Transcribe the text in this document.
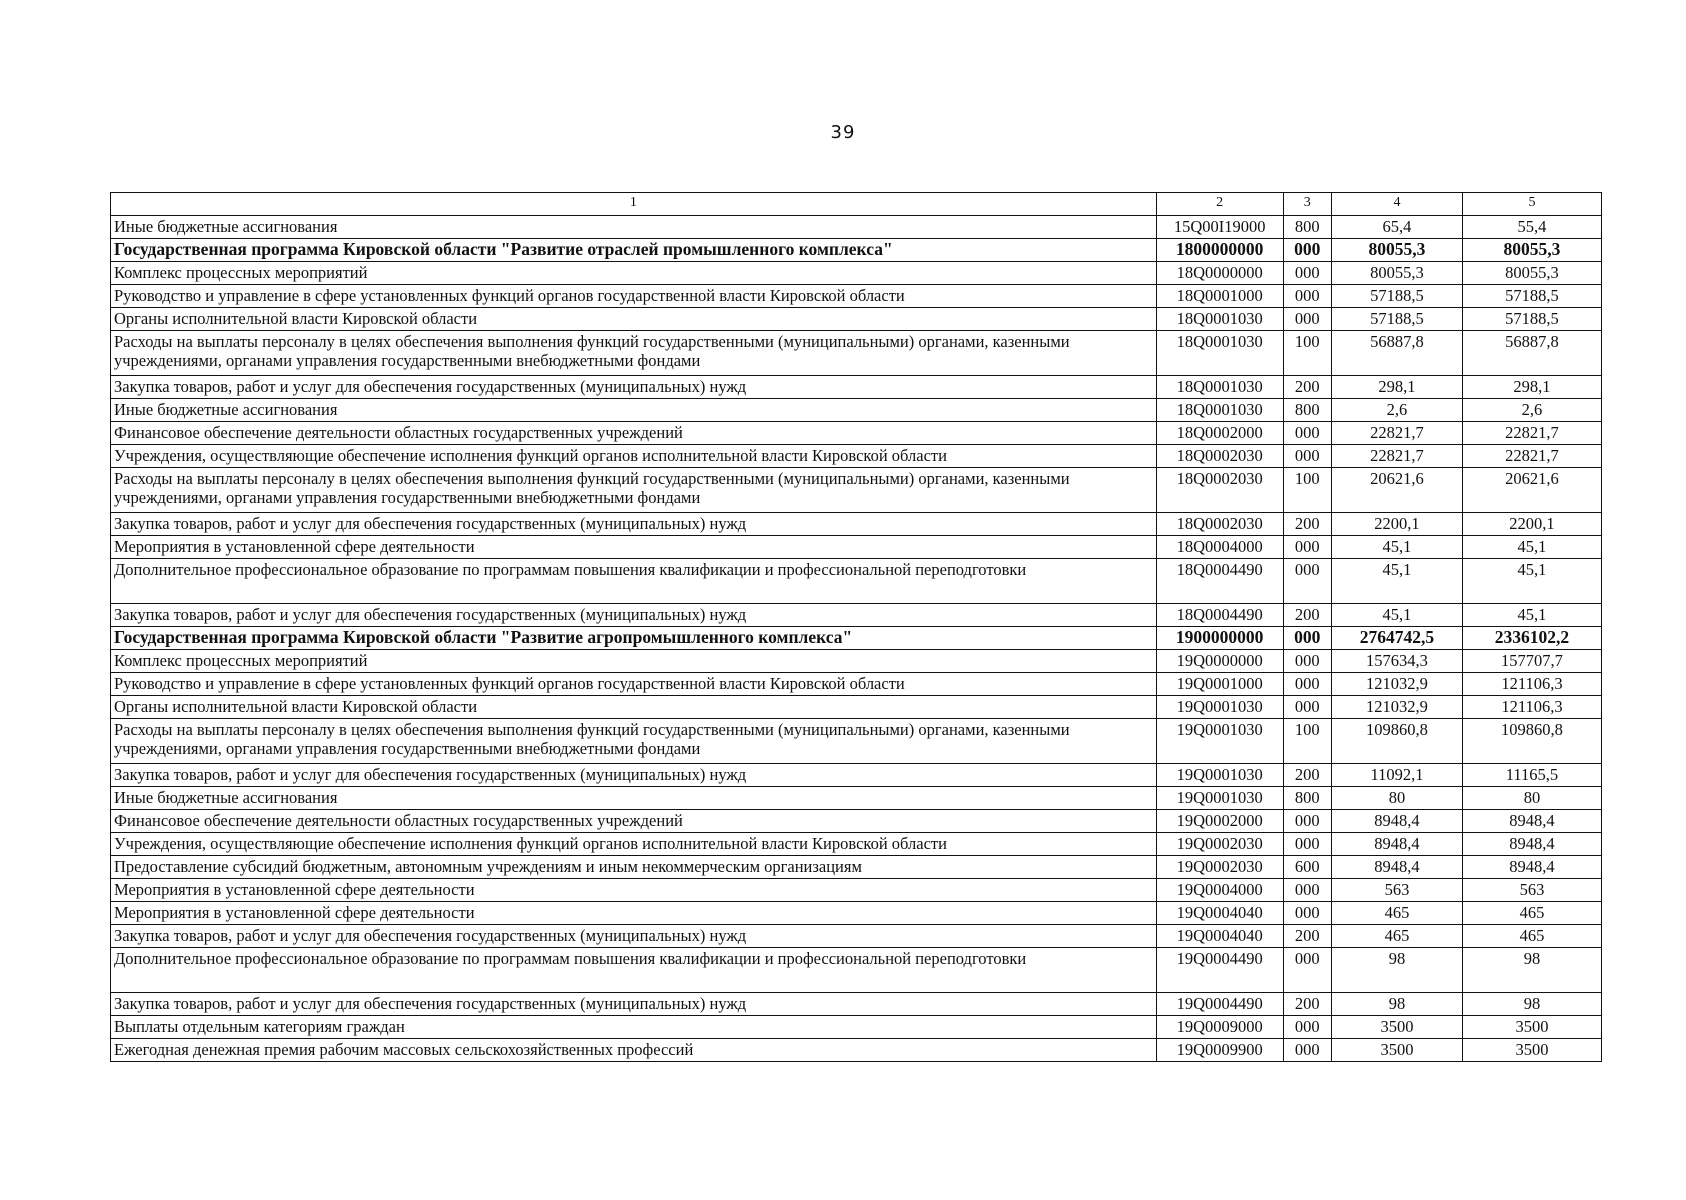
39
1	2	3	4	5
Иные бюджетные ассигнования	15Q00I19000	800	65,4	55,4
Государственная программа Кировской области "Развитие отраслей промышленного комплекса"	1800000000	000	80055,3	80055,3
Комплекс процессных мероприятий	18Q0000000	000	80055,3	80055,3
Руководство и управление в сфере установленных функций органов государственной власти Кировской области	18Q0001000	000	57188,5	57188,5
Органы исполнительной власти Кировской области	18Q0001030	000	57188,5	57188,5
Расходы на выплаты персоналу в целях обеспечения выполнения функций государственными (муниципальными) органами, казенными учреждениями, органами управления государственными внебюджетными фондами	18Q0001030	100	56887,8	56887,8
Закупка товаров, работ и услуг для обеспечения государственных (муниципальных) нужд	18Q0001030	200	298,1	298,1
Иные бюджетные ассигнования	18Q0001030	800	2,6	2,6
Финансовое обеспечение деятельности областных государственных учреждений	18Q0002000	000	22821,7	22821,7
Учреждения, осуществляющие обеспечение исполнения функций органов исполнительной власти Кировской области	18Q0002030	000	22821,7	22821,7
Расходы на выплаты персоналу в целях обеспечения выполнения функций государственными (муниципальными) органами, казенными учреждениями, органами управления государственными внебюджетными фондами	18Q0002030	100	20621,6	20621,6
Закупка товаров, работ и услуг для обеспечения государственных (муниципальных) нужд	18Q0002030	200	2200,1	2200,1
Мероприятия в установленной сфере деятельности	18Q0004000	000	45,1	45,1
Дополнительное профессиональное образование по программам повышения квалификации и профессиональной переподготовки	18Q0004490	000	45,1	45,1
Закупка товаров, работ и услуг для обеспечения государственных (муниципальных) нужд	18Q0004490	200	45,1	45,1
Государственная программа Кировской области "Развитие агропромышленного комплекса"	1900000000	000	2764742,5	2336102,2
Комплекс процессных мероприятий	19Q0000000	000	157634,3	157707,7
Руководство и управление в сфере установленных функций органов государственной власти Кировской области	19Q0001000	000	121032,9	121106,3
Органы исполнительной власти Кировской области	19Q0001030	000	121032,9	121106,3
Расходы на выплаты персоналу в целях обеспечения выполнения функций государственными (муниципальными) органами, казенными учреждениями, органами управления государственными внебюджетными фондами	19Q0001030	100	109860,8	109860,8
Закупка товаров, работ и услуг для обеспечения государственных (муниципальных) нужд	19Q0001030	200	11092,1	11165,5
Иные бюджетные ассигнования	19Q0001030	800	80	80
Финансовое обеспечение деятельности областных государственных учреждений	19Q0002000	000	8948,4	8948,4
Учреждения, осуществляющие обеспечение исполнения функций органов исполнительной власти Кировской области	19Q0002030	000	8948,4	8948,4
Предоставление субсидий бюджетным, автономным учреждениям и иным некоммерческим организациям	19Q0002030	600	8948,4	8948,4
Мероприятия в установленной сфере деятельности	19Q0004000	000	563	563
Мероприятия в установленной сфере деятельности	19Q0004040	000	465	465
Закупка товаров, работ и услуг для обеспечения государственных (муниципальных) нужд	19Q0004040	200	465	465
Дополнительное профессиональное образование по программам повышения квалификации и профессиональной переподготовки	19Q0004490	000	98	98
Закупка товаров, работ и услуг для обеспечения государственных (муниципальных) нужд	19Q0004490	200	98	98
Выплаты отдельным категориям граждан	19Q0009000	000	3500	3500
Ежегодная денежная премия рабочим массовых сельскохозяйственных профессий	19Q0009900	000	3500	3500
